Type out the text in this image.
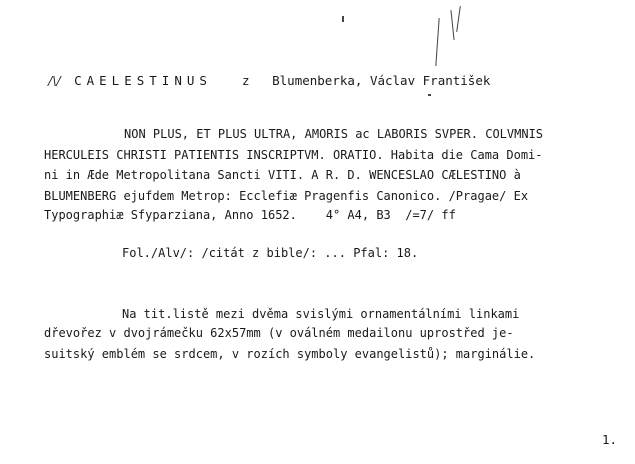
/\/ CAELESTINUS z Blumenberka, Václav František

NON PLUS, ET PLUS ULTRA, AMORIS ac LABORIS SVPER. COLVMNIS
HERCULEIS CHRISTI PATIENTIS INSCRIPTVM. ORATIO. Habita die Cama Domi-
ni in Æde Metropolitana Sancti VITI. A R. D. WENCESLAO CÆLESTINO à
BLUMENBERG ejufdem Metrop: Ecclefiæ Pragenfis Canonico. /Pragae/ Ex
Typographiæ Sfyparziana, Anno 1652.    4° A4, B3  /=7/ ff
Fol./Alv/: /citát z bible/: ... Pfal: 18.
Na tit.listě mezi dvěma svislými ornamentálními linkami
dřevořez v dvojrámečku 62x57mm (v oválném medailonu uprostřed je-
suitský emblém se srdcem, v rozích symboly evangelistů); marginálie.
1.
